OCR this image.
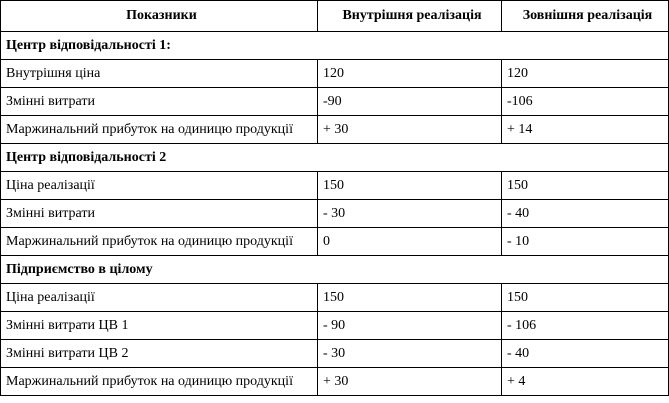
Показники	Внутрішня реалізація	Зовнішня реалізація
Центр відповідальності 1:		
Внутрішня ціна	120	120
Змінні витрати	-90	-106
Маржинальний прибуток на одиницю продукції	+ 30	+ 14
Центр відповідальності 2		
Ціна реалізації	150	150
Змінні витрати	- 30	- 40
Маржинальний прибуток на одиницю продукції	0	- 10
Підприємство в цілому		
Ціна реалізації	150	150
Змінні витрати ЦВ 1	- 90	- 106
Змінні витрати ЦВ 2	- 30	- 40
Маржинальний прибуток на одиницю продукції	+ 30	+ 4
